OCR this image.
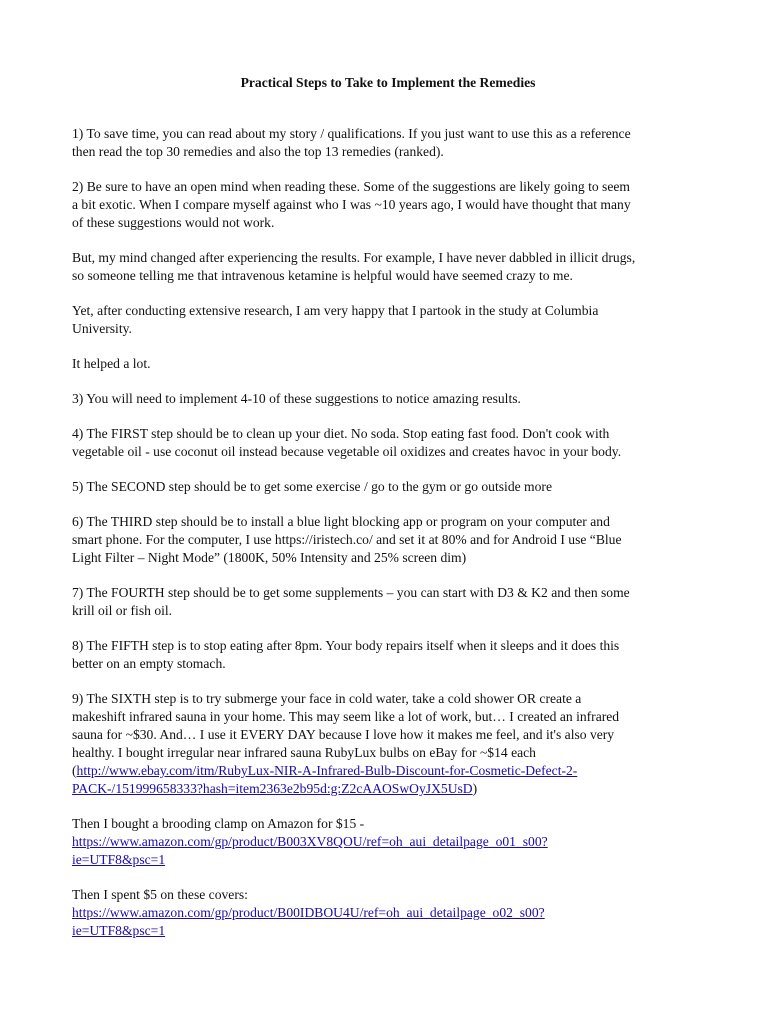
Practical Steps to Take to Implement the Remedies
1) To save time, you can read about my story / qualifications. If you just want to use this as a reference
then read the top 30 remedies and also the top 13 remedies (ranked).
2) Be sure to have an open mind when reading these. Some of the suggestions are likely going to seem
a bit exotic. When I compare myself against who I was ~10 years ago, I would have thought that many
of these suggestions would not work.
But, my mind changed after experiencing the results. For example, I have never dabbled in illicit drugs,
so someone telling me that intravenous ketamine is helpful would have seemed crazy to me.
Yet, after conducting extensive research, I am very happy that I partook in the study at Columbia
University.
It helped a lot.
3) You will need to implement 4-10 of these suggestions to notice amazing results.
4) The FIRST step should be to clean up your diet. No soda. Stop eating fast food. Don't cook with
vegetable oil - use coconut oil instead because vegetable oil oxidizes and creates havoc in your body.
5) The SECOND step should be to get some exercise / go to the gym or go outside more
6) The THIRD step should be to install a blue light blocking app or program on your computer and
smart phone. For the computer, I use https://iristech.co/ and set it at 80% and for Android I use “Blue
Light Filter – Night Mode” (1800K, 50% Intensity and 25% screen dim)
7) The FOURTH step should be to get some supplements – you can start with D3 & K2 and then some
krill oil or fish oil.
8) The FIFTH step is to stop eating after 8pm. Your body repairs itself when it sleeps and it does this
better on an empty stomach.
9) The SIXTH step is to try submerge your face in cold water, take a cold shower OR create a
makeshift infrared sauna in your home. This may seem like a lot of work, but… I created an infrared
sauna for ~$30. And… I use it EVERY DAY because I love how it makes me feel, and it's also very
healthy. I bought irregular near infrared sauna RubyLux bulbs on eBay for ~$14 each
(http://www.ebay.com/itm/RubyLux-NIR-A-Infrared-Bulb-Discount-for-Cosmetic-Defect-2-
PACK-/151999658333?hash=item2363e2b95d:g:Z2cAAOSwOyJX5UsD)
Then I bought a brooding clamp on Amazon for $15 -
https://www.amazon.com/gp/product/B003XV8QOU/ref=oh_aui_detailpage_o01_s00?
ie=UTF8&psc=1
Then I spent $5 on these covers:
https://www.amazon.com/gp/product/B00IDBOU4U/ref=oh_aui_detailpage_o02_s00?
ie=UTF8&psc=1
